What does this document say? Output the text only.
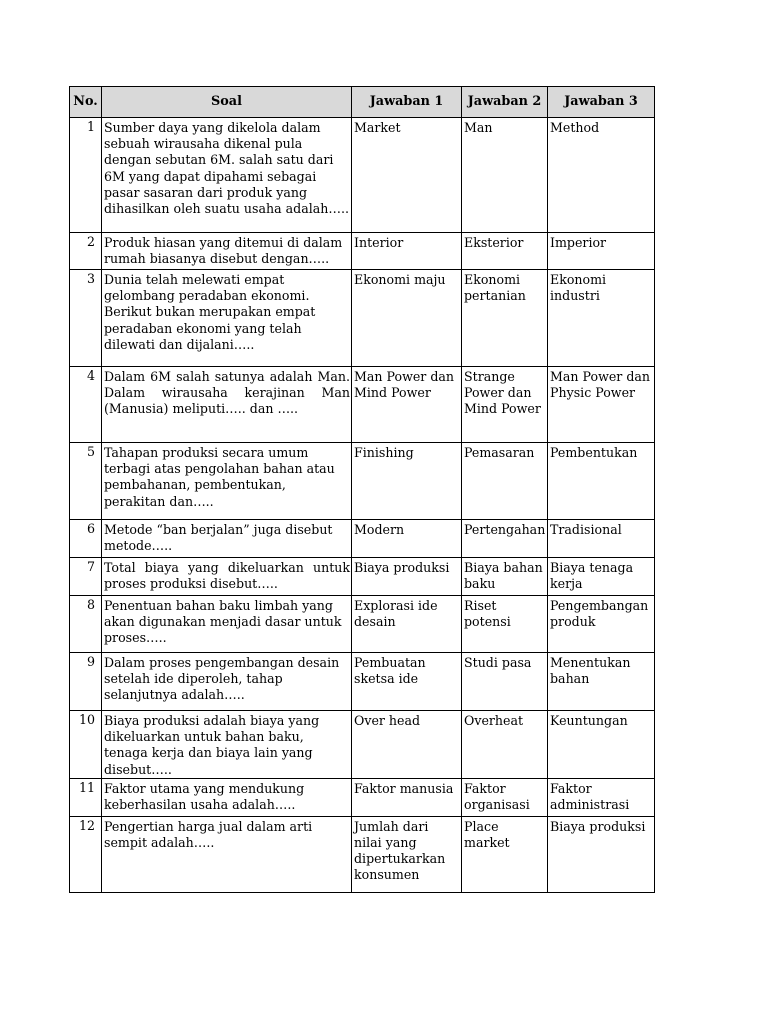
No.	Soal	Jawaban 1	Jawaban 2	Jawaban 3

1	Sumber daya yang dikelola dalam sebuah wirausaha dikenal pula dengan sebutan 6M. salah satu dari 6M yang dapat dipahami sebagai pasar sasaran dari produk yang dihasilkan oleh suatu usaha adalah…..	Market	Man	Method

2	Produk hiasan yang ditemui di dalam rumah biasanya disebut dengan…..	Interior	Eksterior	Imperior

3	Dunia telah melewati empat gelombang peradaban ekonomi. Berikut bukan merupakan empat peradaban ekonomi yang telah dilewati dan dijalani…..	Ekonomi maju	Ekonomi pertanian	Ekonomi industri

4	Dalam 6M salah satunya adalah Man. Dalam wirausaha kerajinan Man (Manusia) meliputi….. dan …..	Man Power dan Mind Power	Strange Power dan Mind Power	Man Power dan Physic Power

5	Tahapan produksi secara umum terbagi atas pengolahan bahan atau pembahanan, pembentukan, perakitan dan…..	Finishing	Pemasaran	Pembentukan

6	Metode “ban berjalan” juga disebut metode…..	Modern	Pertengahan	Tradisional

7	Total biaya yang dikeluarkan untuk proses produksi disebut…..	Biaya produksi	Biaya bahan baku	Biaya tenaga kerja

8	Penentuan bahan baku limbah yang akan digunakan menjadi dasar untuk proses…..	Explorasi ide desain	Riset potensi	Pengembangan produk

9	Dalam proses pengembangan desain setelah ide diperoleh, tahap selanjutnya adalah…..	Pembuatan sketsa ide	Studi pasa	Menentukan bahan

10	Biaya produksi adalah biaya yang dikeluarkan untuk bahan baku, tenaga kerja dan biaya lain yang disebut…..	Over head	Overheat	Keuntungan

11	Faktor utama yang mendukung keberhasilan usaha adalah…..	Faktor manusia	Faktor organisasi	Faktor administrasi

12	Pengertian harga jual dalam arti sempit adalah…..	Jumlah dari nilai yang dipertukarkan konsumen	Place market	Biaya produksi
